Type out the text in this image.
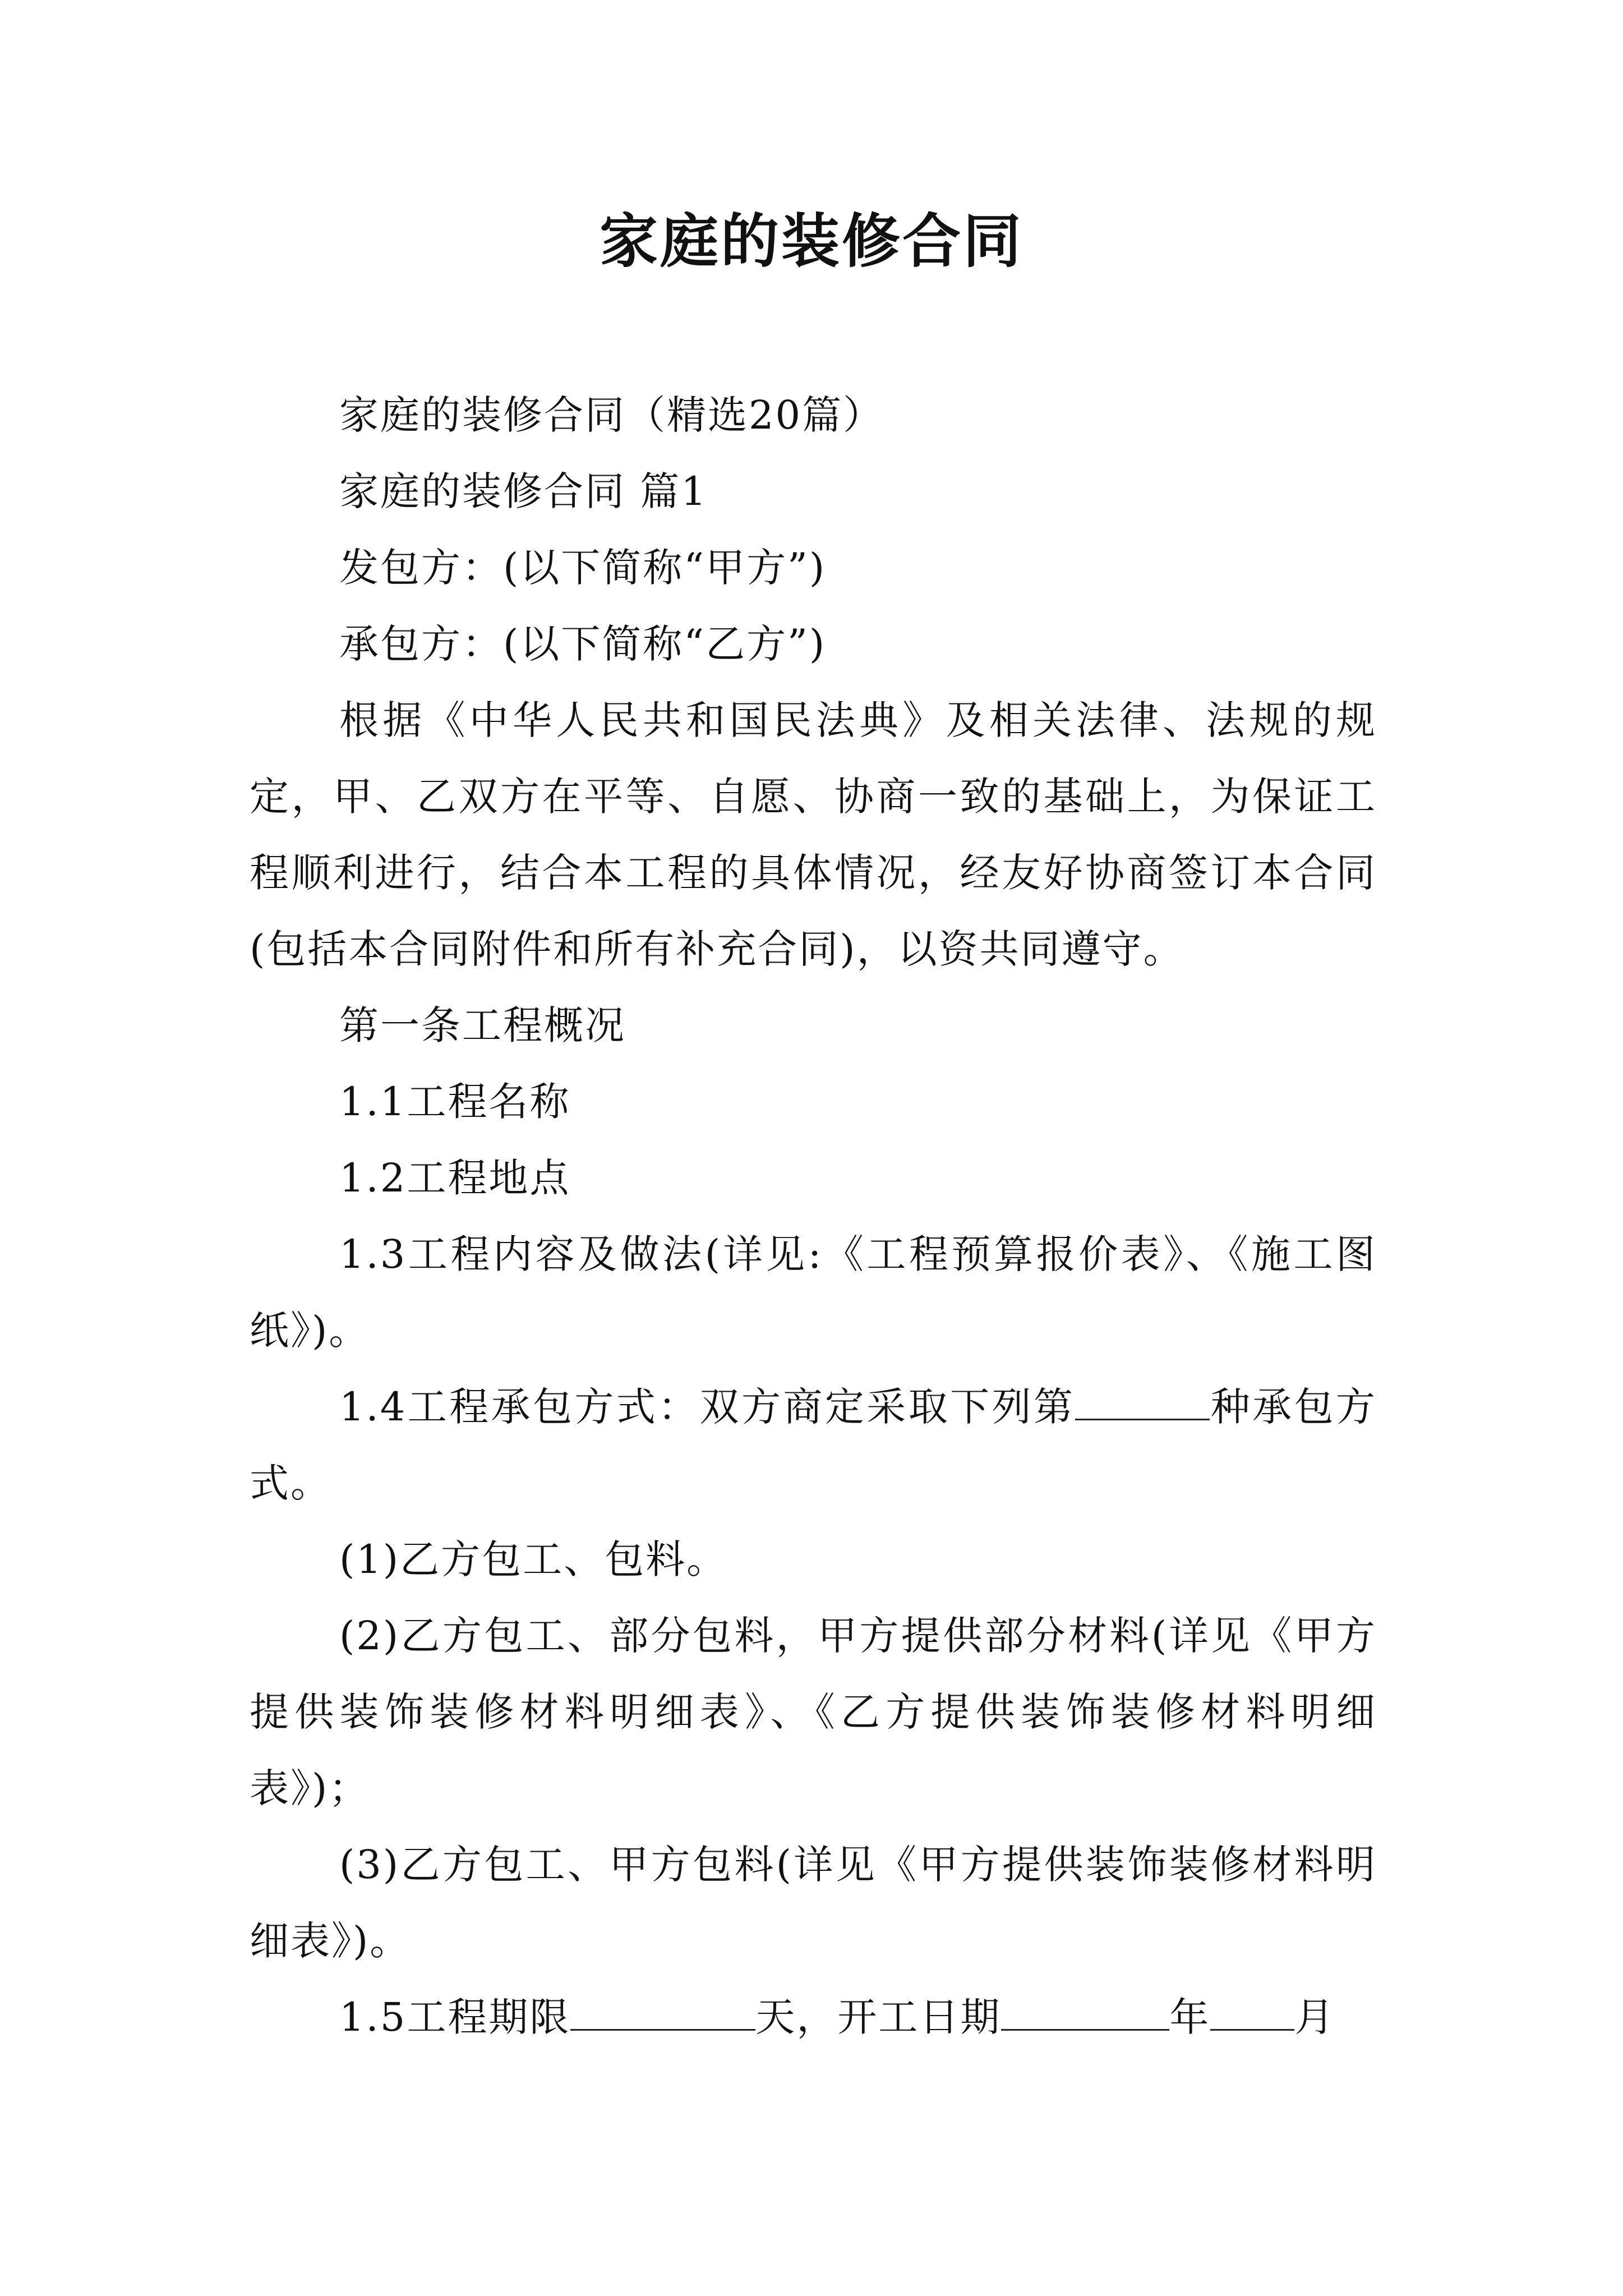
家庭的装修合同

家庭的装修合同（精选20篇）

家庭的装修合同 篇1

发包方：(以下简称“甲方”)

承包方：(以下简称“乙方”)

根据《中华人民共和国民法典》及相关法律、法规的规定，甲、乙双方在平等、自愿、协商一致的基础上，为保证工程顺利进行，结合本工程的具体情况，经友好协商签订本合同(包括本合同附件和所有补充合同)，以资共同遵守。

第一条工程概况

1.1工程名称

1.2工程地点

1.3工程内容及做法(详见:《工程预算报价表》、《施工图纸》)。

1.4工程承包方式：双方商定采取下列第	种承包方式。

(1)乙方包工、包料。

(2)乙方包工、部分包料，甲方提供部分材料(详见《甲方提供装饰装修材料明细表》、《乙方提供装饰装修材料明细表》)；

(3)乙方包工、甲方包料(详见《甲方提供装饰装修材料明细表》)。

1.5工程期限	天，开工日期	年 月
